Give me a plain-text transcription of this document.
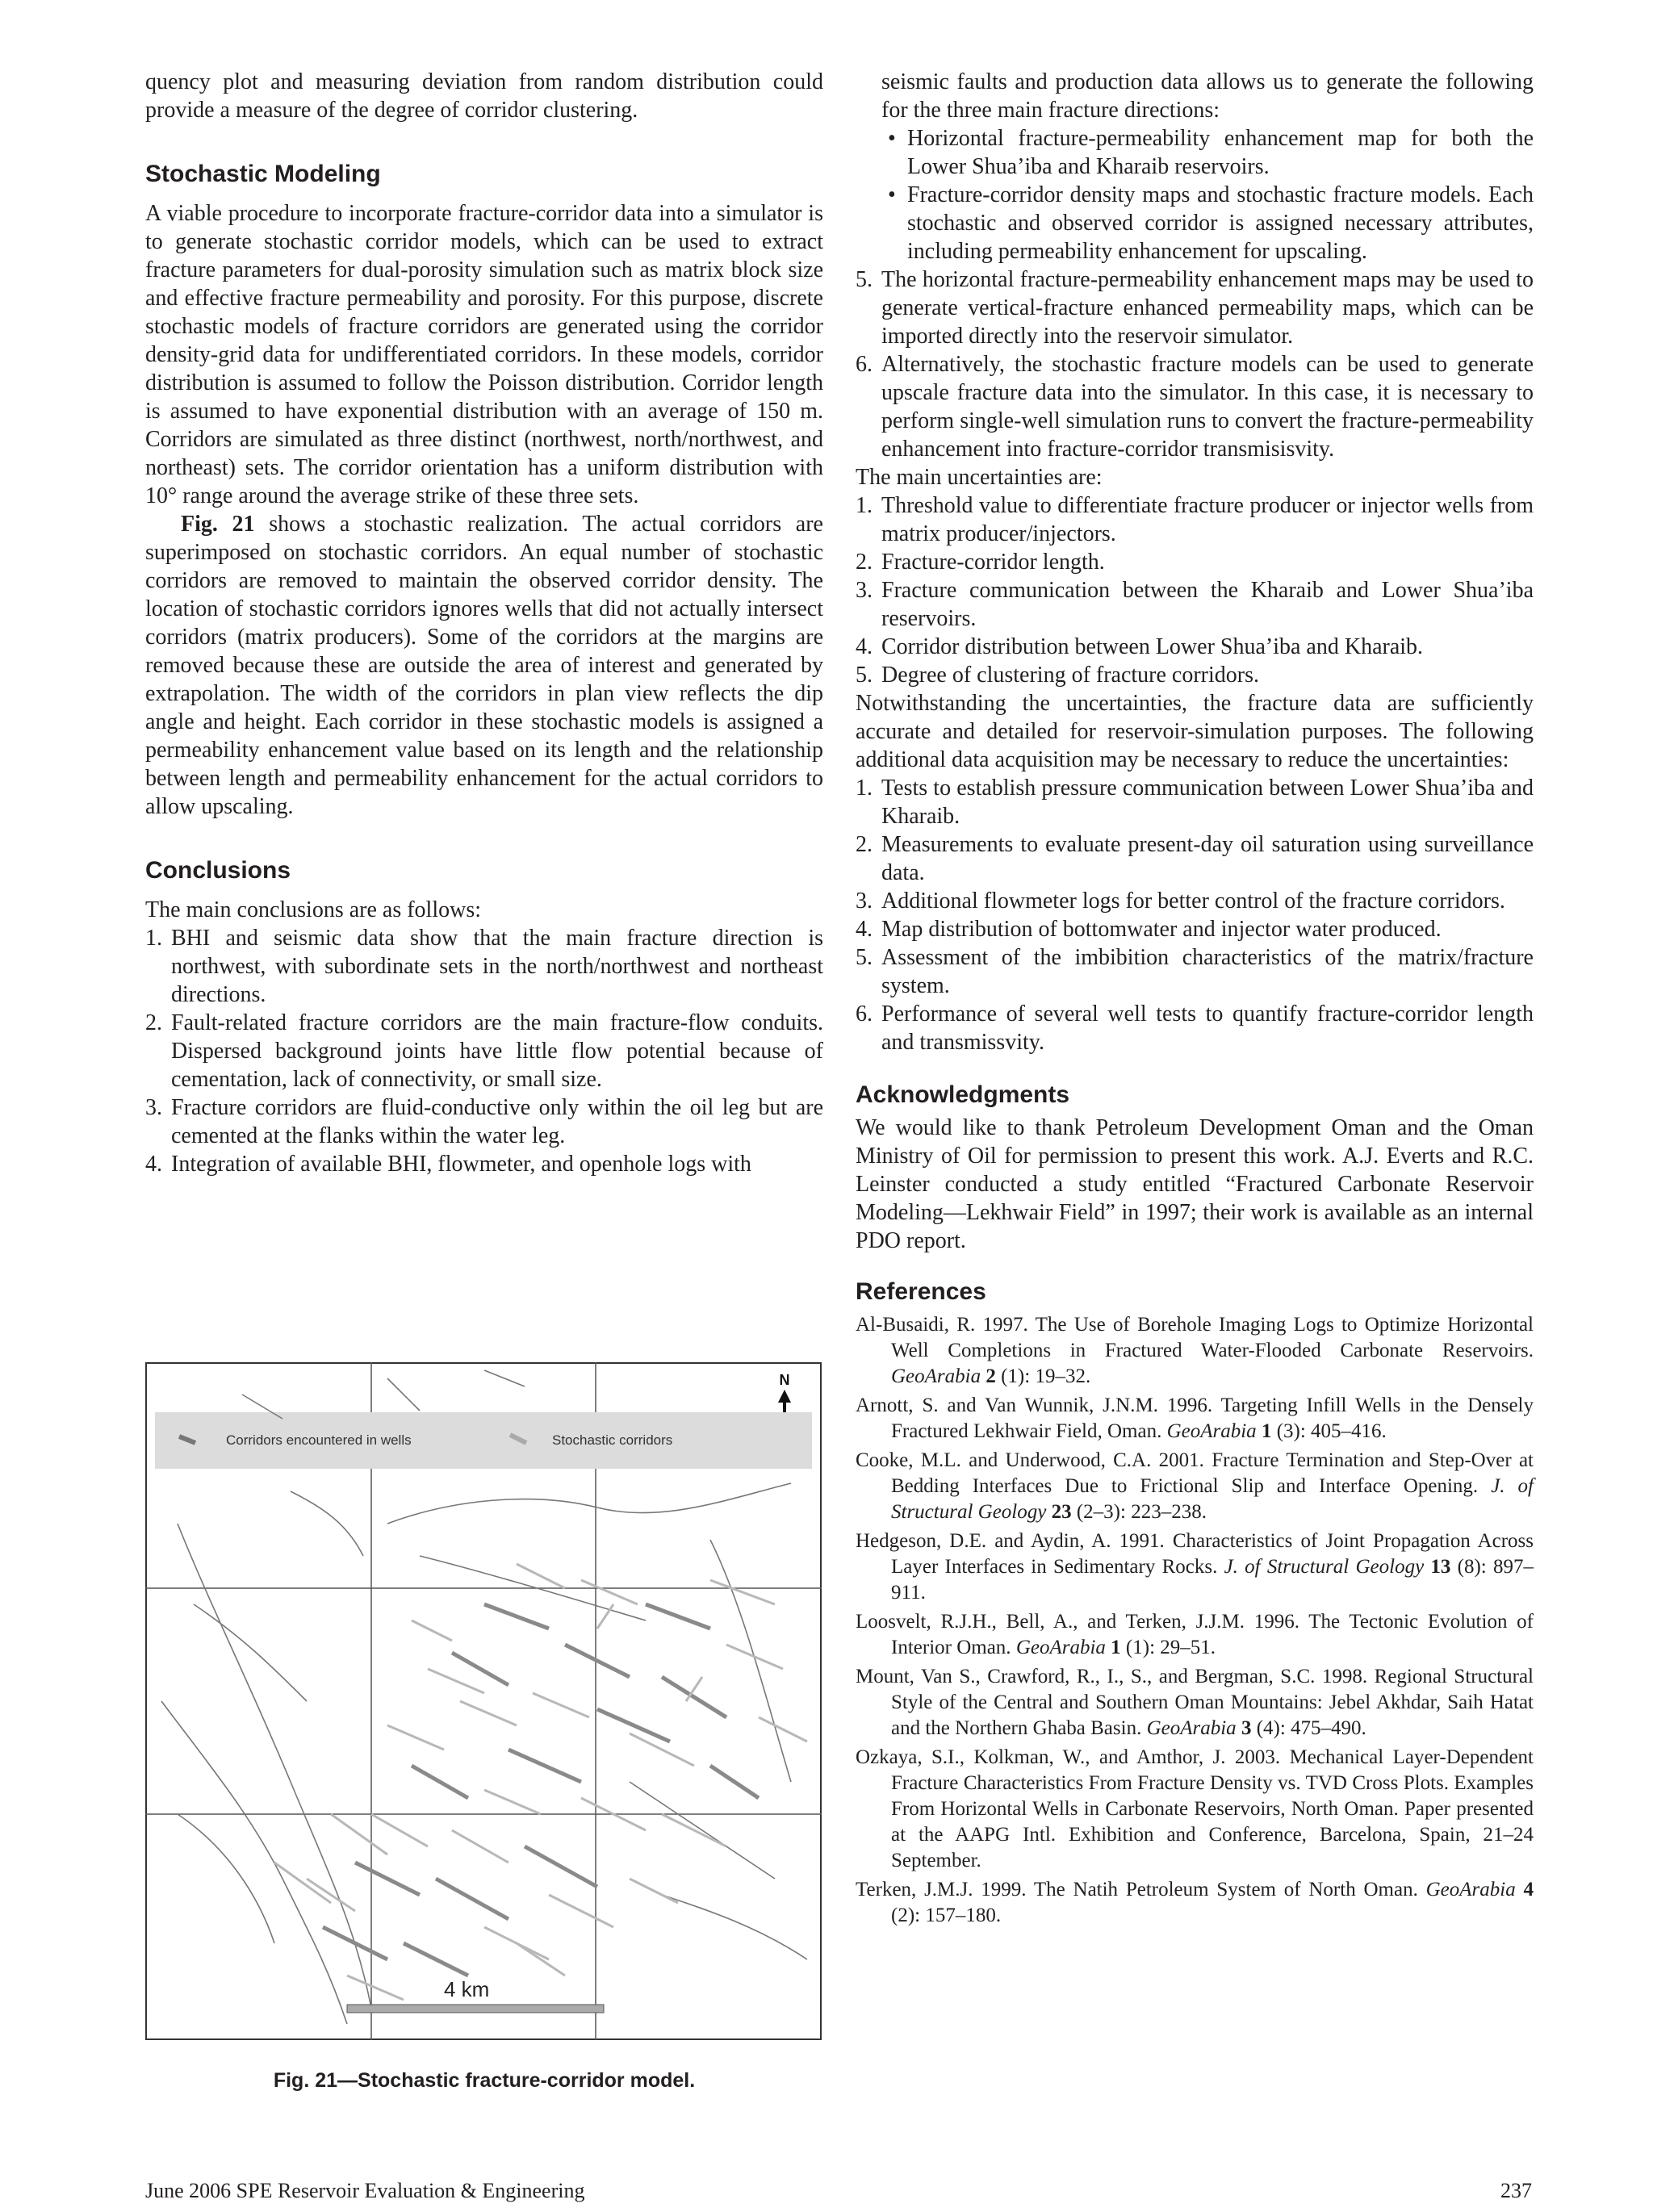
quency plot and measuring deviation from random distribution could provide a measure of the degree of corridor clustering.

Stochastic Modeling

A viable procedure to incorporate fracture-corridor data into a simulator is to generate stochastic corridor models, which can be used to extract fracture parameters for dual-porosity simulation such as matrix block size and effective fracture permeability and porosity. For this purpose, discrete stochastic models of fracture corridors are generated using the corridor density-grid data for undifferentiated corridors. In these models, corridor distribution is assumed to follow the Poisson distribution. Corridor length is assumed to have exponential distribution with an average of 150 m. Corridors are simulated as three distinct (northwest, north/northwest, and northeast) sets. The corridor orientation has a uniform distribution with 10° range around the average strike of these three sets.

Fig. 21 shows a stochastic realization. The actual corridors are superimposed on stochastic corridors. An equal number of stochastic corridors are removed to maintain the observed corridor density. The location of stochastic corridors ignores wells that did not actually intersect corridors (matrix producers). Some of the corridors at the margins are removed because these are outside the area of interest and generated by extrapolation. The width of the corridors in plan view reflects the dip angle and height. Each corridor in these stochastic models is assigned a permeability enhancement value based on its length and the relationship between length and permeability enhancement for the actual corridors to allow upscaling.

Conclusions

The main conclusions are as follows:

1. BHI and seismic data show that the main fracture direction is northwest, with subordinate sets in the north/northwest and northeast directions.
2. Fault-related fracture corridors are the main fracture-flow conduits. Dispersed background joints have little flow potential because of cementation, lack of connectivity, or small size.
3. Fracture corridors are fluid-conductive only within the oil leg but are cemented at the flanks within the water leg.
4. Integration of available BHI, flowmeter, and openhole logs with
Corridors encountered in wells	Stochastic corridors
N
4 km
Fig. 21—Stochastic fracture-corridor model.

seismic faults and production data allows us to generate the following for the three main fracture directions:

• Horizontal fracture-permeability enhancement map for both the Lower Shua’iba and Kharaib reservoirs.
• Fracture-corridor density maps and stochastic fracture models. Each stochastic and observed corridor is assigned necessary attributes, including permeability enhancement for upscaling.
5. The horizontal fracture-permeability enhancement maps may be used to generate vertical-fracture enhanced permeability maps, which can be imported directly into the reservoir simulator.
6. Alternatively, the stochastic fracture models can be used to generate upscale fracture data into the simulator. In this case, it is necessary to perform single-well simulation runs to convert the fracture-permeability enhancement into fracture-corridor transmisisvity.

The main uncertainties are:

1. Threshold value to differentiate fracture producer or injector wells from matrix producer/injectors.
2. Fracture-corridor length.
3. Fracture communication between the Kharaib and Lower Shua’iba reservoirs.
4. Corridor distribution between Lower Shua’iba and Kharaib.
5. Degree of clustering of fracture corridors.

Notwithstanding the uncertainties, the fracture data are sufficiently accurate and detailed for reservoir-simulation purposes. The following additional data acquisition may be necessary to reduce the uncertainties:

1. Tests to establish pressure communication between Lower Shua’iba and Kharaib.
2. Measurements to evaluate present-day oil saturation using surveillance data.
3. Additional flowmeter logs for better control of the fracture corridors.
4. Map distribution of bottomwater and injector water produced.
5. Assessment of the imbibition characteristics of the matrix/fracture system.
6. Performance of several well tests to quantify fracture-corridor length and transmissvity.
Acknowledgments

We would like to thank Petroleum Development Oman and the Oman Ministry of Oil for permission to present this work. A.J. Everts and R.C. Leinster conducted a study entitled “Fractured Carbonate Reservoir Modeling—Lekhwair Field” in 1997; their work is available as an internal PDO report.

References
Al-Busaidi, R. 1997. The Use of Borehole Imaging Logs to Optimize Horizontal Well Completions in Fractured Water-Flooded Carbonate Reservoirs. GeoArabia 2 (1): 19–32.
Arnott, S. and Van Wunnik, J.N.M. 1996. Targeting Infill Wells in the Densely Fractured Lekhwair Field, Oman. GeoArabia 1 (3): 405–416.
Cooke, M.L. and Underwood, C.A. 2001. Fracture Termination and Step-Over at Bedding Interfaces Due to Frictional Slip and Interface Opening. J. of Structural Geology 23 (2–3): 223–238.
Hedgeson, D.E. and Aydin, A. 1991. Characteristics of Joint Propagation Across Layer Interfaces in Sedimentary Rocks. J. of Structural Geology 13 (8): 897–911.
Loosvelt, R.J.H., Bell, A., and Terken, J.J.M. 1996. The Tectonic Evolution of Interior Oman. GeoArabia 1 (1): 29–51.
Mount, Van S., Crawford, R., I., S., and Bergman, S.C. 1998. Regional Structural Style of the Central and Southern Oman Mountains: Jebel Akhdar, Saih Hatat and the Northern Ghaba Basin. GeoArabia 3 (4): 475–490.
Ozkaya, S.I., Kolkman, W., and Amthor, J. 2003. Mechanical Layer-Dependent Fracture Characteristics From Fracture Density vs. TVD Cross Plots. Examples From Horizontal Wells in Carbonate Reservoirs, North Oman. Paper presented at the AAPG Intl. Exhibition and Conference, Barcelona, Spain, 21–24 September.
Terken, J.M.J. 1999. The Natih Petroleum System of North Oman. GeoArabia 4 (2): 157–180.
June 2006 SPE Reservoir Evaluation & Engineering	237
